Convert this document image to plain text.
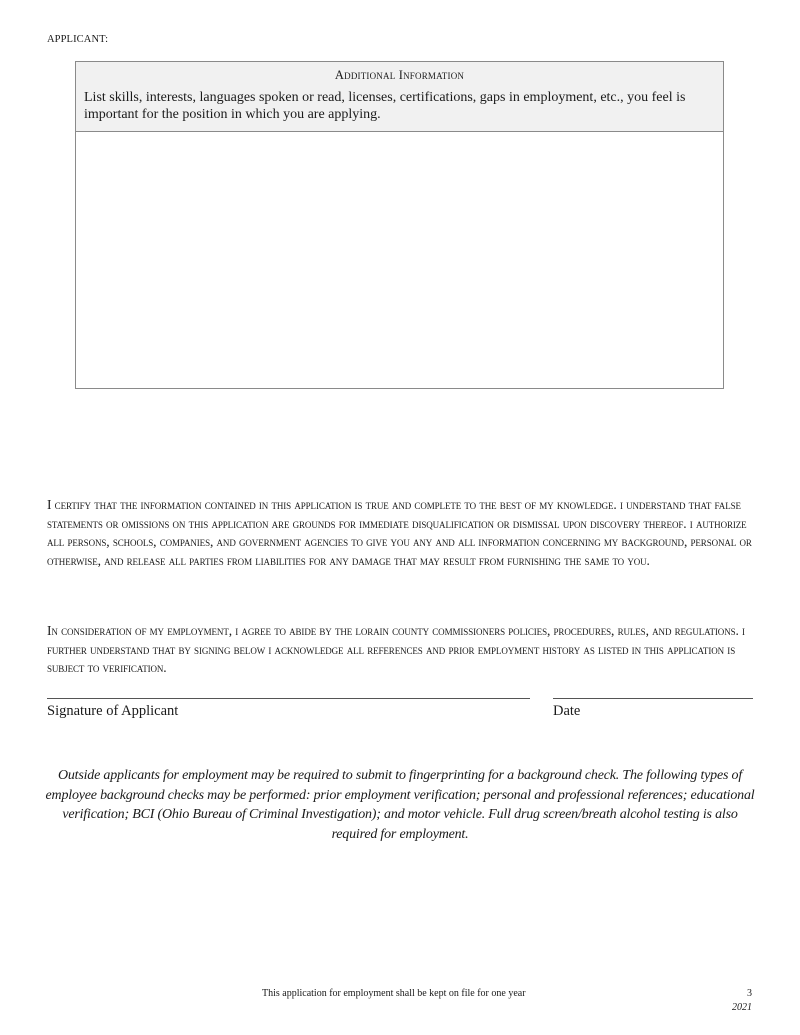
APPLICANT:
Additional Information
List skills, interests, languages spoken or read, licenses, certifications, gaps in employment, etc., you feel is important for the position in which you are applying.
I certify that the information contained in this application is true and complete to the best of my knowledge. i understand that false statements or omissions on this application are grounds for immediate disqualification or dismissal upon discovery thereof. i authorize all persons, schools, companies, and government agencies to give you any and all information concerning my background, personal or otherwise, and release all parties from liabilities for any damage that may result from furnishing the same to you.
In consideration of my employment, i agree to abide by the lorain county commissioners policies, procedures, rules, and regulations. i further understand that by signing below i acknowledge all references and prior employment history as listed in this application is subject to verification.
Signature of Applicant	Date
Outside applicants for employment may be required to submit to fingerprinting for a background check. The following types of employee background checks may be performed: prior employment verification; personal and professional references; educational verification; BCI (Ohio Bureau of Criminal Investigation); and motor vehicle. Full drug screen/breath alcohol testing is also required for employment.
This application for employment shall be kept on file for one year	3
2021
